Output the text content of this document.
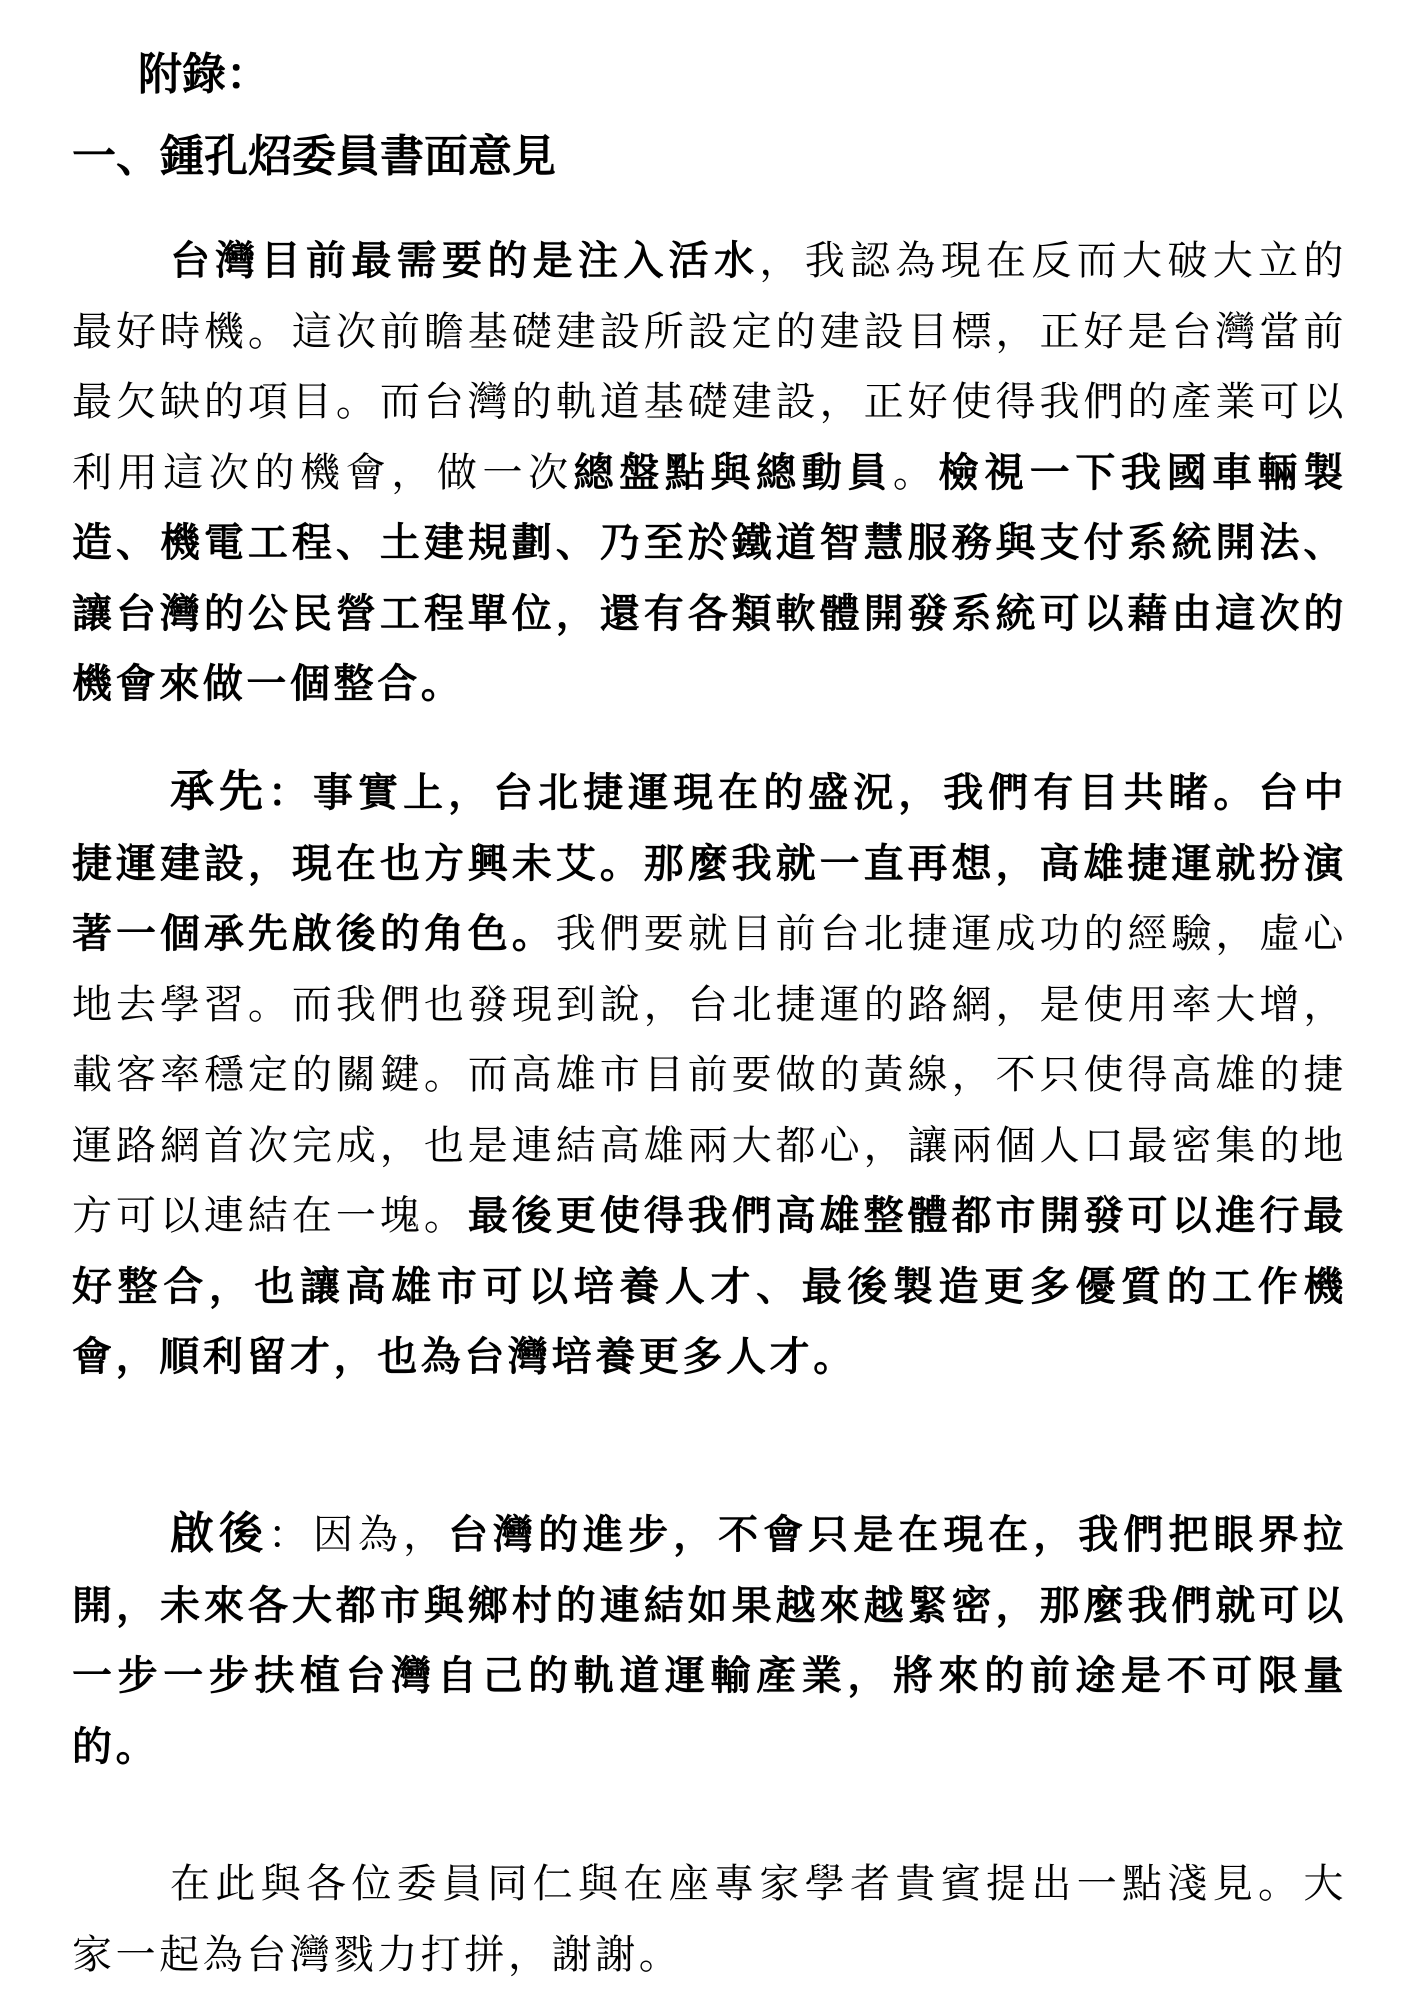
附錄：
一、鍾孔炤委員書面意見

台灣目前最需要的是注入活水，我認為現在反而大破大立的最好時機。這次前瞻基礎建設所設定的建設目標，正好是台灣當前最欠缺的項目。而台灣的軌道基礎建設，正好使得我們的產業可以利用這次的機會，做一次總盤點與總動員。檢視一下我國車輛製造、機電工程、土建規劃、乃至於鐵道智慧服務與支付系統開法、讓台灣的公民營工程單位，還有各類軟體開發系統可以藉由這次的機會來做一個整合。

承先：事實上，台北捷運現在的盛況，我們有目共睹。台中捷運建設，現在也方興未艾。那麼我就一直再想，高雄捷運就扮演著一個承先啟後的角色。我們要就目前台北捷運成功的經驗，虛心地去學習。而我們也發現到說，台北捷運的路網，是使用率大增，載客率穩定的關鍵。而高雄市目前要做的黃線，不只使得高雄的捷運路網首次完成，也是連結高雄兩大都心，讓兩個人口最密集的地方可以連結在一塊。最後更使得我們高雄整體都市開發可以進行最好整合，也讓高雄市可以培養人才、最後製造更多優質的工作機會，順利留才，也為台灣培養更多人才。

啟後：因為，台灣的進步，不會只是在現在，我們把眼界拉開，未來各大都市與鄉村的連結如果越來越緊密，那麼我們就可以一步一步扶植台灣自己的軌道運輸產業，將來的前途是不可限量的。

在此與各位委員同仁與在座專家學者貴賓提出一點淺見。大家一起為台灣戮力打拼，謝謝。
